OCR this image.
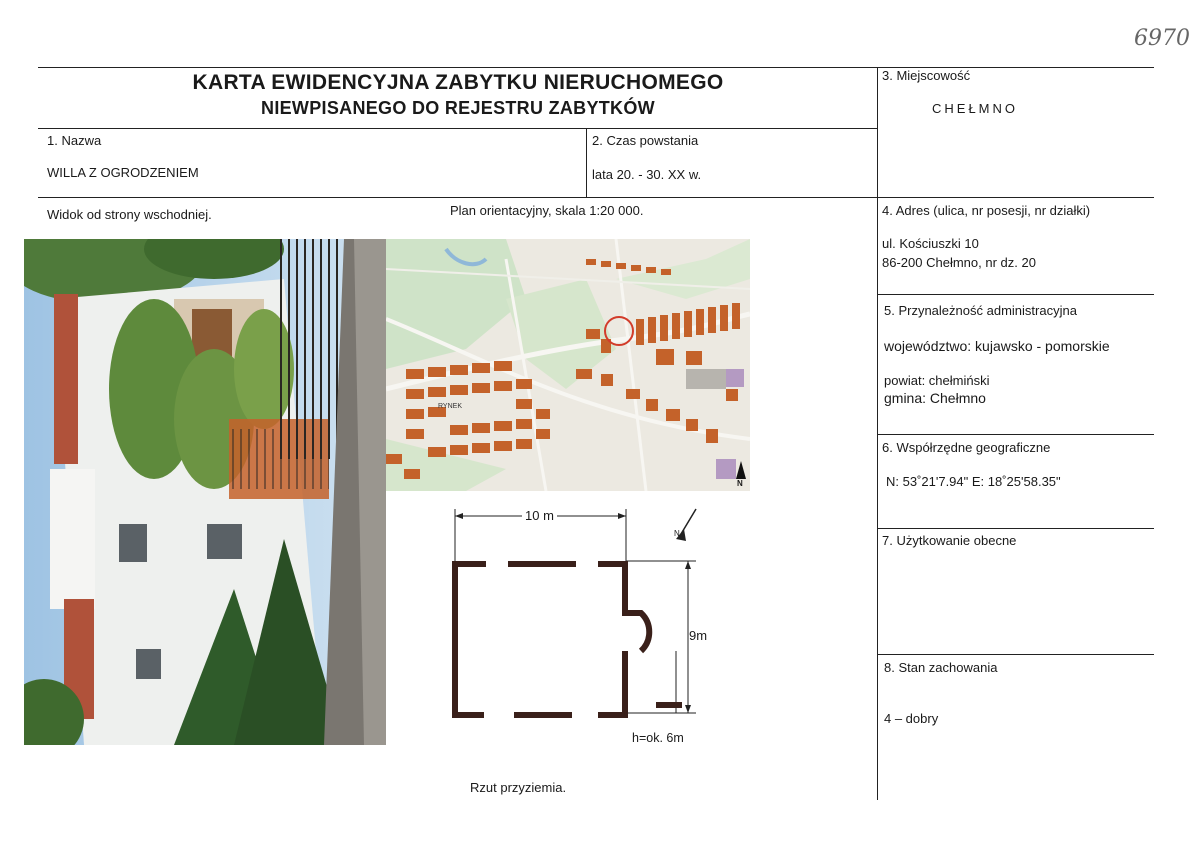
6970
KARTA EWIDENCYJNA ZABYTKU NIERUCHOMEGO
NIEWPISANEGO DO REJESTRU ZABYTKÓW
1. Nazwa
WILLA Z OGRODZENIEM
2. Czas powstania
lata 20. - 30. XX w.
3. Miejscowość
CHEŁMNO
4. Adres (ulica, nr posesji, nr działki)
ul. Kościuszki 10
86-200 Chełmno, nr dz. 20
5. Przynależność administracyjna
województwo: kujawsko - pomorskie
powiat: chełmiński
gmina: Chełmno
6. Współrzędne geograficzne
N: 53˚21'7.94" E: 18˚25'58.35"
7. Użytkowanie obecne
8. Stan zachowania
4 – dobry
Widok od strony wschodniej.	Plan orientacyjny, skala 1:20 000.
Rzut przyziemia.
RYNEK
N
10 m
9m
h=ok. 6m
N
